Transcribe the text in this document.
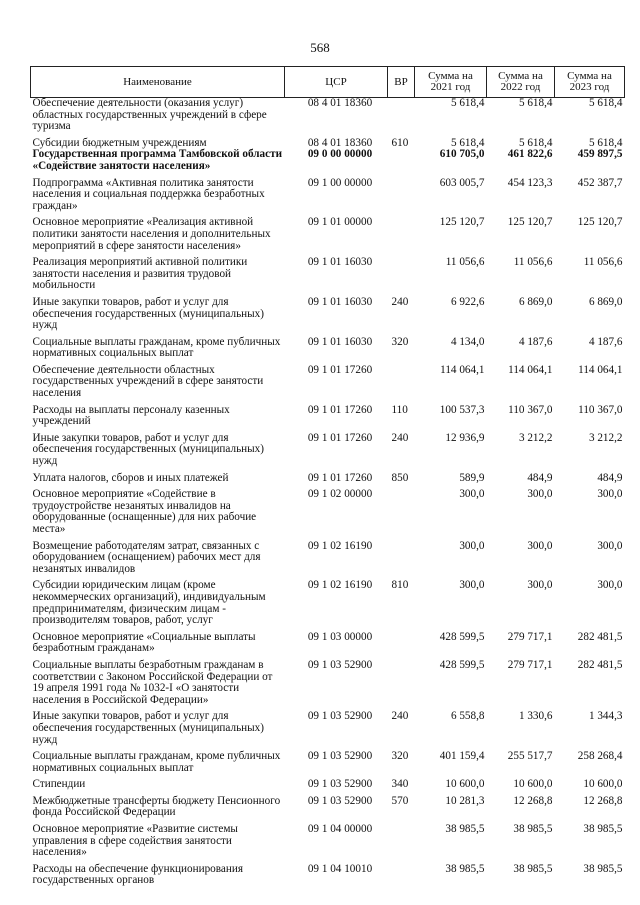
568
Наименование	ЦСР	ВР	Сумма на 2021 год	Сумма на 2022 год	Сумма на 2023 год
Обеспечение деятельности (оказания услуг) областных государственных учреждений в сфере туризма	08 4 01 18360		5 618,4	5 618,4	5 618,4
Субсидии бюджетным учреждениям	08 4 01 18360	610	5 618,4	5 618,4	5 618,4
Государственная программа Тамбовской области «Содействие занятости населения»	09 0 00 00000		610 705,0	461 822,6	459 897,5
Подпрограмма «Активная политика занятости населения и социальная поддержка безработных граждан»	09 1 00 00000		603 005,7	454 123,3	452 387,7
Основное мероприятие «Реализация активной политики занятости населения и дополнительных мероприятий в сфере занятости населения»	09 1 01 00000		125 120,7	125 120,7	125 120,7
Реализация мероприятий активной политики занятости населения и развития трудовой мобильности	09 1 01 16030		11 056,6	11 056,6	11 056,6
Иные закупки товаров, работ и услуг для обеспечения государственных (муниципальных) нужд	09 1 01 16030	240	6 922,6	6 869,0	6 869,0
Социальные выплаты гражданам, кроме публичных нормативных социальных выплат	09 1 01 16030	320	4 134,0	4 187,6	4 187,6
Обеспечение деятельности областных государственных учреждений в сфере занятости населения	09 1 01 17260		114 064,1	114 064,1	114 064,1
Расходы на выплаты персоналу казенных учреждений	09 1 01 17260	110	100 537,3	110 367,0	110 367,0
Иные закупки товаров, работ и услуг для обеспечения государственных (муниципальных) нужд	09 1 01 17260	240	12 936,9	3 212,2	3 212,2
Уплата налогов, сборов и иных платежей	09 1 01 17260	850	589,9	484,9	484,9
Основное мероприятие «Содействие в трудоустройстве незанятых инвалидов на оборудованные (оснащенные) для них рабочие места»	09 1 02 00000		300,0	300,0	300,0
Возмещение работодателям затрат, связанных с оборудованием (оснащением) рабочих мест для незанятых инвалидов	09 1 02 16190		300,0	300,0	300,0
Субсидии юридическим лицам (кроме некоммерческих организаций), индивидуальным предпринимателям, физическим лицам - производителям товаров, работ, услуг	09 1 02 16190	810	300,0	300,0	300,0
Основное мероприятие «Социальные выплаты безработным гражданам»	09 1 03 00000		428 599,5	279 717,1	282 481,5
Социальные выплаты безработным гражданам в соответствии с Законом Российской Федерации от 19 апреля 1991 года № 1032-I «О занятости населения в Российской Федерации»	09 1 03 52900		428 599,5	279 717,1	282 481,5
Иные закупки товаров, работ и услуг для обеспечения государственных (муниципальных) нужд	09 1 03 52900	240	6 558,8	1 330,6	1 344,3
Социальные выплаты гражданам, кроме публичных нормативных социальных выплат	09 1 03 52900	320	401 159,4	255 517,7	258 268,4
Стипендии	09 1 03 52900	340	10 600,0	10 600,0	10 600,0
Межбюджетные трансферты бюджету Пенсионного фонда Российской Федерации	09 1 03 52900	570	10 281,3	12 268,8	12 268,8
Основное мероприятие «Развитие системы управления в сфере содействия занятости населения»	09 1 04 00000		38 985,5	38 985,5	38 985,5
Расходы на обеспечение функционирования государственных органов	09 1 04 10010		38 985,5	38 985,5	38 985,5
